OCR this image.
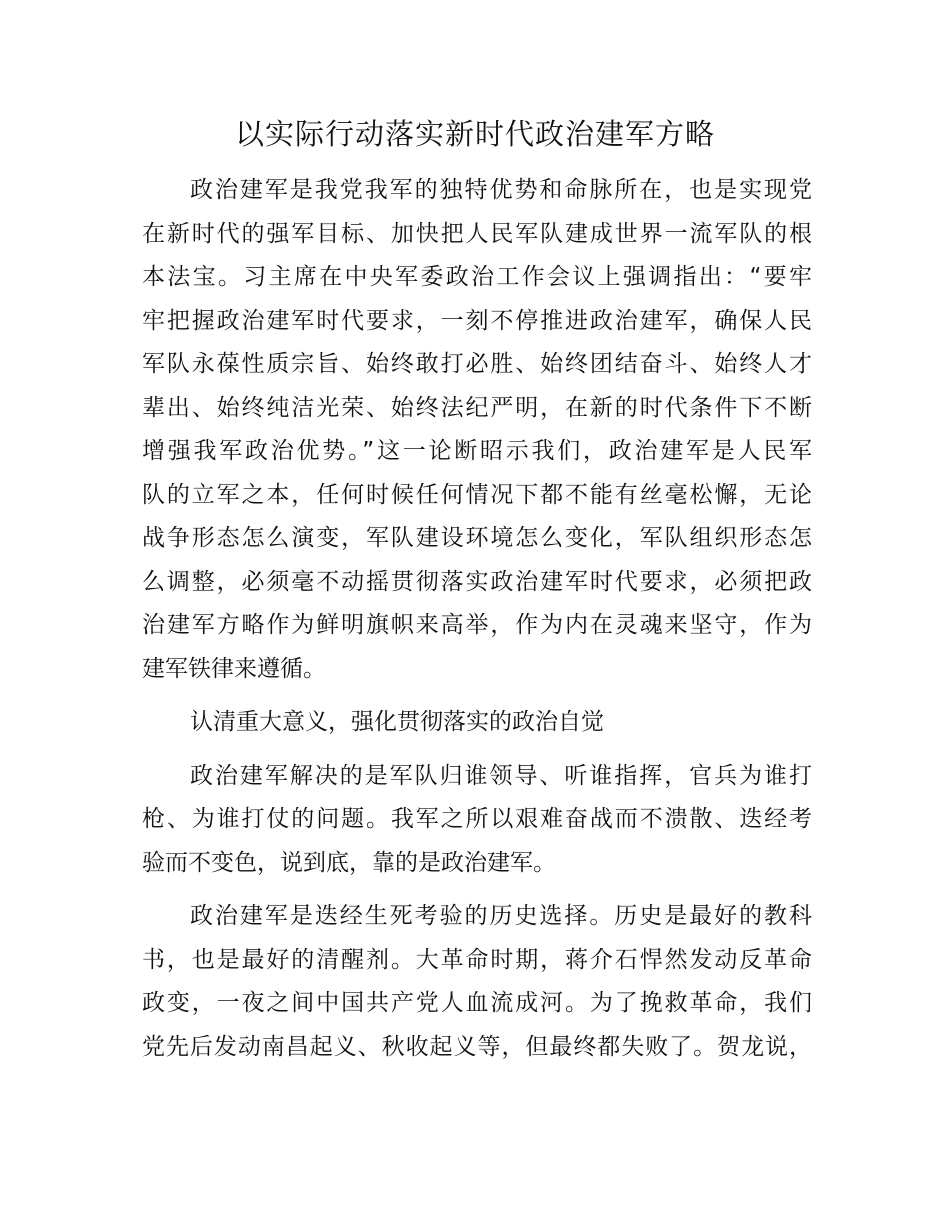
以实际行动落实新时代政治建军方略
政治建军是我党我军的独特优势和命脉所在，也是实现党
在新时代的强军目标、加快把人民军队建成世界一流军队的根
本法宝。习主席在中央军委政治工作会议上强调指出：“要牢
牢把握政治建军时代要求，一刻不停推进政治建军，确保人民
军队永葆性质宗旨、始终敢打必胜、始终团结奋斗、始终人才
辈出、始终纯洁光荣、始终法纪严明，在新的时代条件下不断
增强我军政治优势。”这一论断昭示我们，政治建军是人民军
队的立军之本，任何时候任何情况下都不能有丝毫松懈，无论
战争形态怎么演变，军队建设环境怎么变化，军队组织形态怎
么调整，必须毫不动摇贯彻落实政治建军时代要求，必须把政
治建军方略作为鲜明旗帜来高举，作为内在灵魂来坚守，作为
建军铁律来遵循。
认清重大意义，强化贯彻落实的政治自觉
政治建军解决的是军队归谁领导、听谁指挥，官兵为谁打
枪、为谁打仗的问题。我军之所以艰难奋战而不溃散、迭经考
验而不变色，说到底，靠的是政治建军。
政治建军是迭经生死考验的历史选择。历史是最好的教科
书，也是最好的清醒剂。大革命时期，蒋介石悍然发动反革命
政变，一夜之间中国共产党人血流成河。为了挽救革命，我们
党先后发动南昌起义、秋收起义等，但最终都失败了。贺龙说，
